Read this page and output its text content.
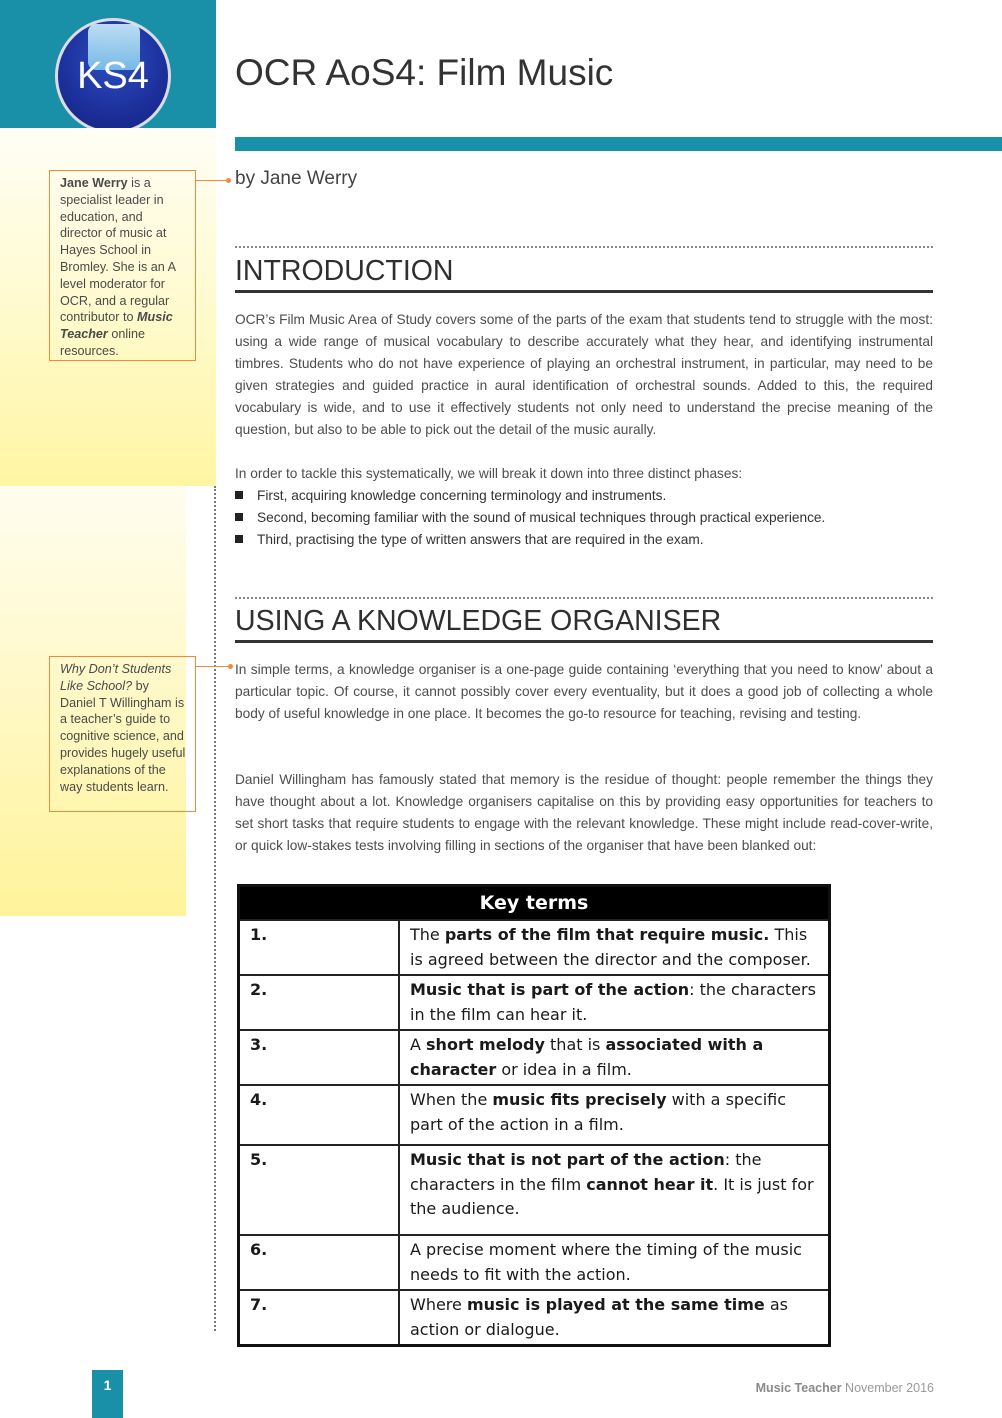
KS4	OCR AoS4: Film Music
Jane Werry is a specialist leader in education, and director of music at Hayes School in Bromley. She is an A level moderator for OCR, and a regular contributor to Music Teacher online resources.
Why Don’t Students Like School? by Daniel T Willingham is a teacher’s guide to cognitive science, and provides hugely useful explanations of the way students learn.
by Jane Werry
INTRODUCTION

OCR’s Film Music Area of Study covers some of the parts of the exam that students tend to struggle with the most: using a wide range of musical vocabulary to describe accurately what they hear, and identifying instrumental timbres. Students who do not have experience of playing an orchestral instrument, in particular, may need to be given strategies and guided practice in aural identification of orchestral sounds. Added to this, the required vocabulary is wide, and to use it effectively students not only need to understand the precise meaning of the question, but also to be able to pick out the detail of the music aurally.

In order to tackle this systematically, we will break it down into three distinct phases:

First, acquiring knowledge concerning terminology and instruments.
Second, becoming familiar with the sound of musical techniques through practical experience.
Third, practising the type of written answers that are required in the exam.
USING A KNOWLEDGE ORGANISER

In simple terms, a knowledge organiser is a one-page guide containing ‘everything that you need to know’ about a particular topic. Of course, it cannot possibly cover every eventuality, but it does a good job of collecting a whole body of useful knowledge in one place. It becomes the go-to resource for teaching, revising and testing.

Daniel Willingham has famously stated that memory is the residue of thought: people remember the things they have thought about a lot. Knowledge organisers capitalise on this by providing easy opportunities for teachers to set short tasks that require students to engage with the relevant knowledge. These might include read-cover-write, or quick low-stakes tests involving filling in sections of the organiser that have been blanked out:

Key terms	
1.	The parts of the film that require music. This is agreed between the director and the composer.
2.	Music that is part of the action: the characters in the film can hear it.
3.	A short melody that is associated with a character or idea in a film.
4.	When the music fits precisely with a specific part of the action in a film.
5.	Music that is not part of the action: the characters in the film cannot hear it. It is just for the audience.
6.	A precise moment where the timing of the music needs to fit with the action.
7.	Where music is played at the same time as action or dialogue.
1	Music Teacher November 2016
